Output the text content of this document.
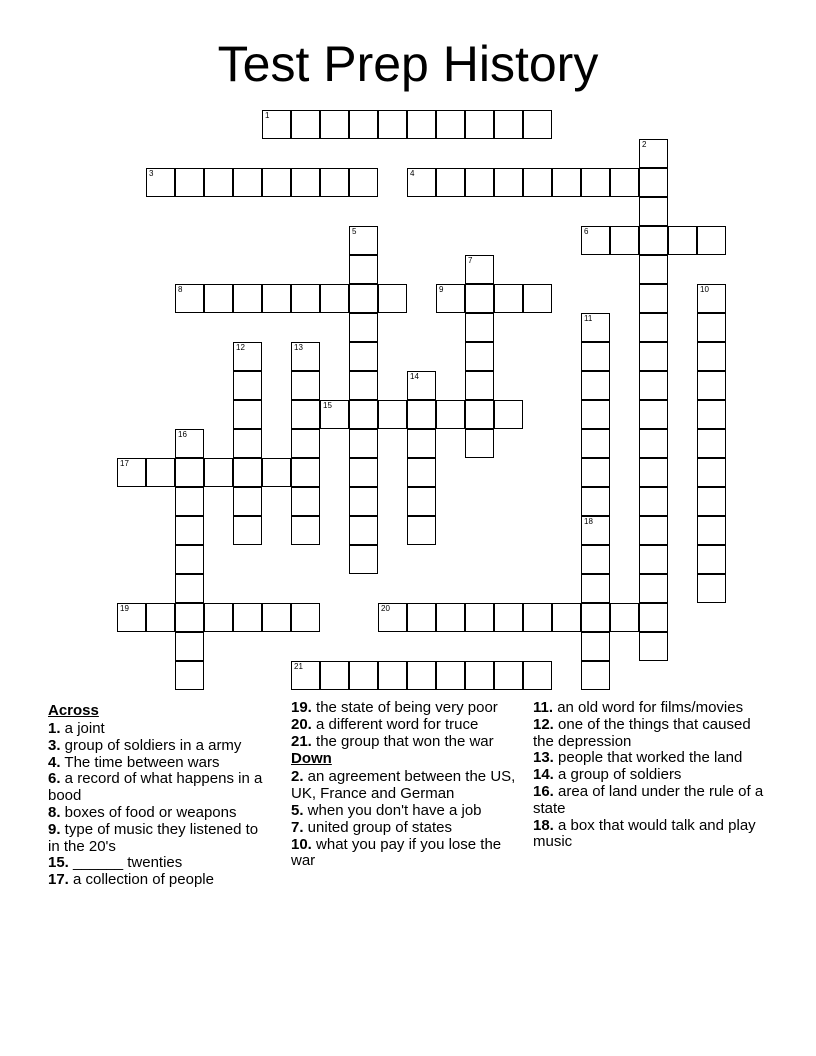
Test Prep History
1
2
3	4
5	6
7
8	9	10
11
12	13
14
15
16
17
18
19	20
21
Across
1. a joint
3. group of soldiers in a army
4. The time between wars
6. a record of what happens in a bood
8. boxes of food or weapons
9. type of music they listened to in the 20's
15. ______ twenties
17. a collection of people
19. the state of being very poor
20. a different word for truce
21. the group that won the war
Down
2. an agreement between the US, UK, France and German
5. when you don't have a job
7. united group of states
10. what you pay if you lose the war
11. an old word for films/movies
12. one of the things that caused the depression
13. people that worked the land
14. a group of soldiers
16. area of land under the rule of a state
18. a box that would talk and play music
